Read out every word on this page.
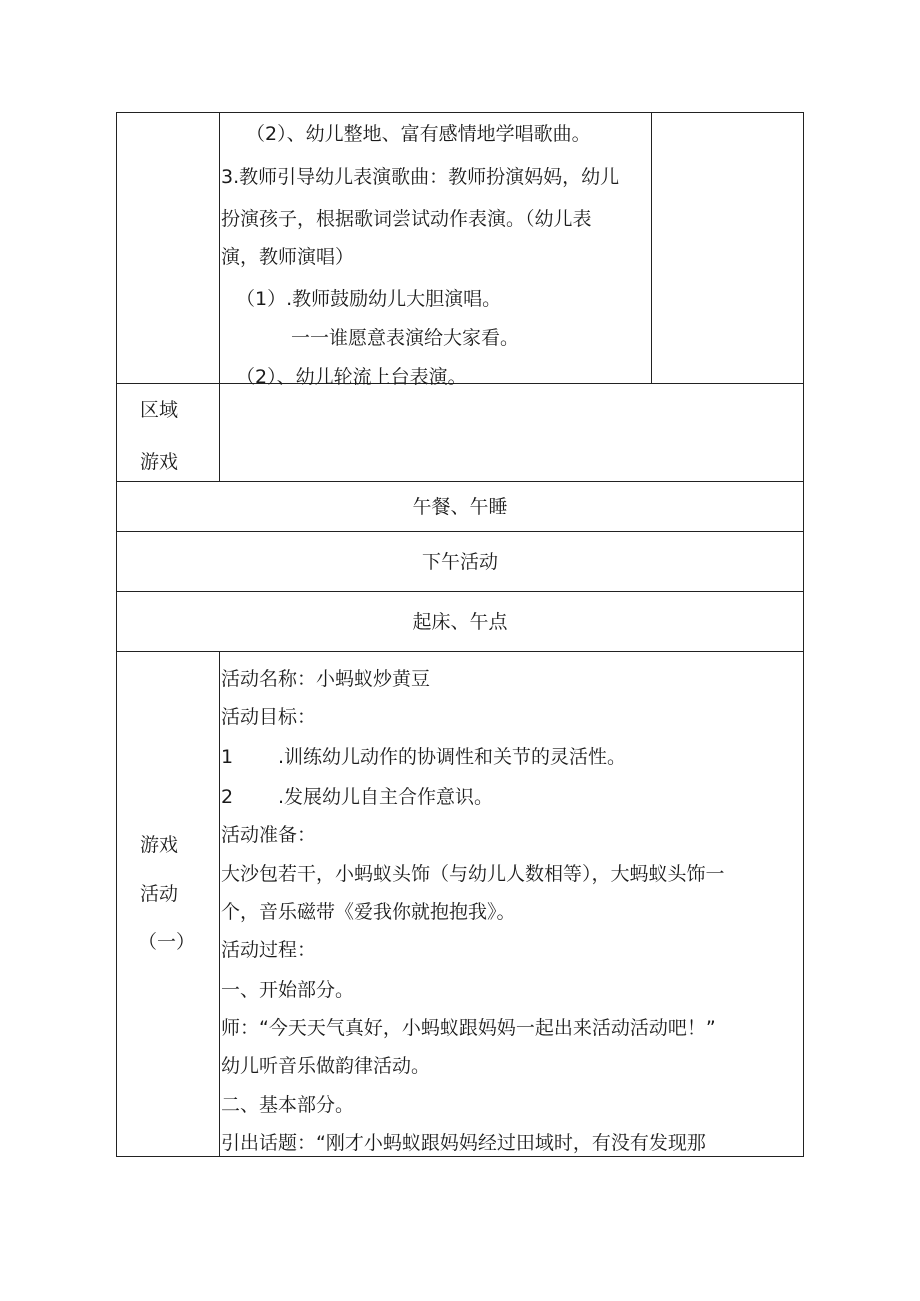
（2）、幼儿整地、富有感情地学唱歌曲。
3.教师引导幼儿表演歌曲：教师扮演妈妈，幼儿
扮演孩子，根据歌词尝试动作表演。（幼儿表
演，教师演唱）
（1）.教师鼓励幼儿大胆演唱。
一一谁愿意表演给大家看。
（2）、幼儿轮流上台表演。
区域
游戏
午餐、午睡
下午活动
起床、午点
游戏
活动
（一）
活动名称：小蚂蚁炒黄豆
活动目标：
1 .训练幼儿动作的协调性和关节的灵活性。
2 .发展幼儿自主合作意识。
活动准备：
大沙包若干，小蚂蚁头饰（与幼儿人数相等），大蚂蚁头饰一
个，音乐磁带《爱我你就抱抱我》。
活动过程：
一、开始部分。
师：“今天天气真好，小蚂蚁跟妈妈一起出来活动活动吧！”
幼儿听音乐做韵律活动。
二、基本部分。
引出话题：“刚才小蚂蚁跟妈妈经过田域时，有没有发现那
